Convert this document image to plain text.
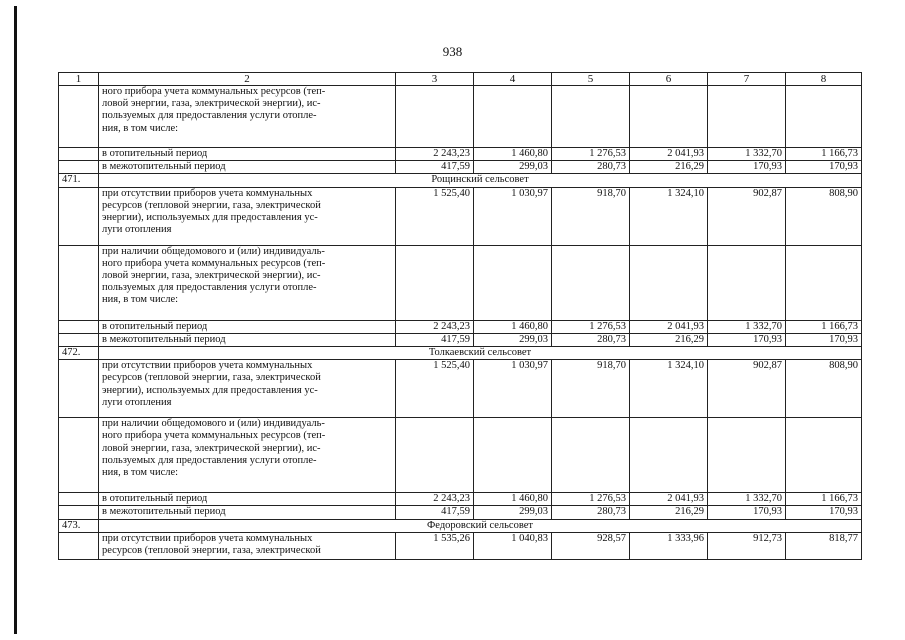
938
1	2	3	4	5	6	7	8
	ного прибора учета коммунальных ресурсов (теп-
ловой энергии, газа, электрической энергии), ис-
пользуемых для предоставления услуги отопле-
ния, в том числе:						
	в отопительный период	2 243,23	1 460,80	1 276,53	2 041,93	1 332,70	1 166,73
	в межотопительный период	417,59	299,03	280,73	216,29	170,93	170,93
471.	Рощинский сельсовет						
	при отсутствии приборов учета коммунальных
ресурсов (тепловой энергии, газа, электрической
энергии), используемых для предоставления ус-
луги отопления	1 525,40	1 030,97	918,70	1 324,10	902,87	808,90
	при наличии общедомового и (или) индивидуаль-
ного прибора учета коммунальных ресурсов (теп-
ловой энергии, газа, электрической энергии), ис-
пользуемых для предоставления услуги отопле-
ния, в том числе:						
	в отопительный период	2 243,23	1 460,80	1 276,53	2 041,93	1 332,70	1 166,73
	в межотопительный период	417,59	299,03	280,73	216,29	170,93	170,93
472.	Толкаевский сельсовет						
	при отсутствии приборов учета коммунальных
ресурсов (тепловой энергии, газа, электрической
энергии), используемых для предоставления ус-
луги отопления	1 525,40	1 030,97	918,70	1 324,10	902,87	808,90
	при наличии общедомового и (или) индивидуаль-
ного прибора учета коммунальных ресурсов (теп-
ловой энергии, газа, электрической энергии), ис-
пользуемых для предоставления услуги отопле-
ния, в том числе:						
	в отопительный период	2 243,23	1 460,80	1 276,53	2 041,93	1 332,70	1 166,73
	в межотопительный период	417,59	299,03	280,73	216,29	170,93	170,93
473.	Федоровский сельсовет						
	при отсутствии приборов учета коммунальных
ресурсов (тепловой энергии, газа, электрической	1 535,26	1 040,83	928,57	1 333,96	912,73	818,77
